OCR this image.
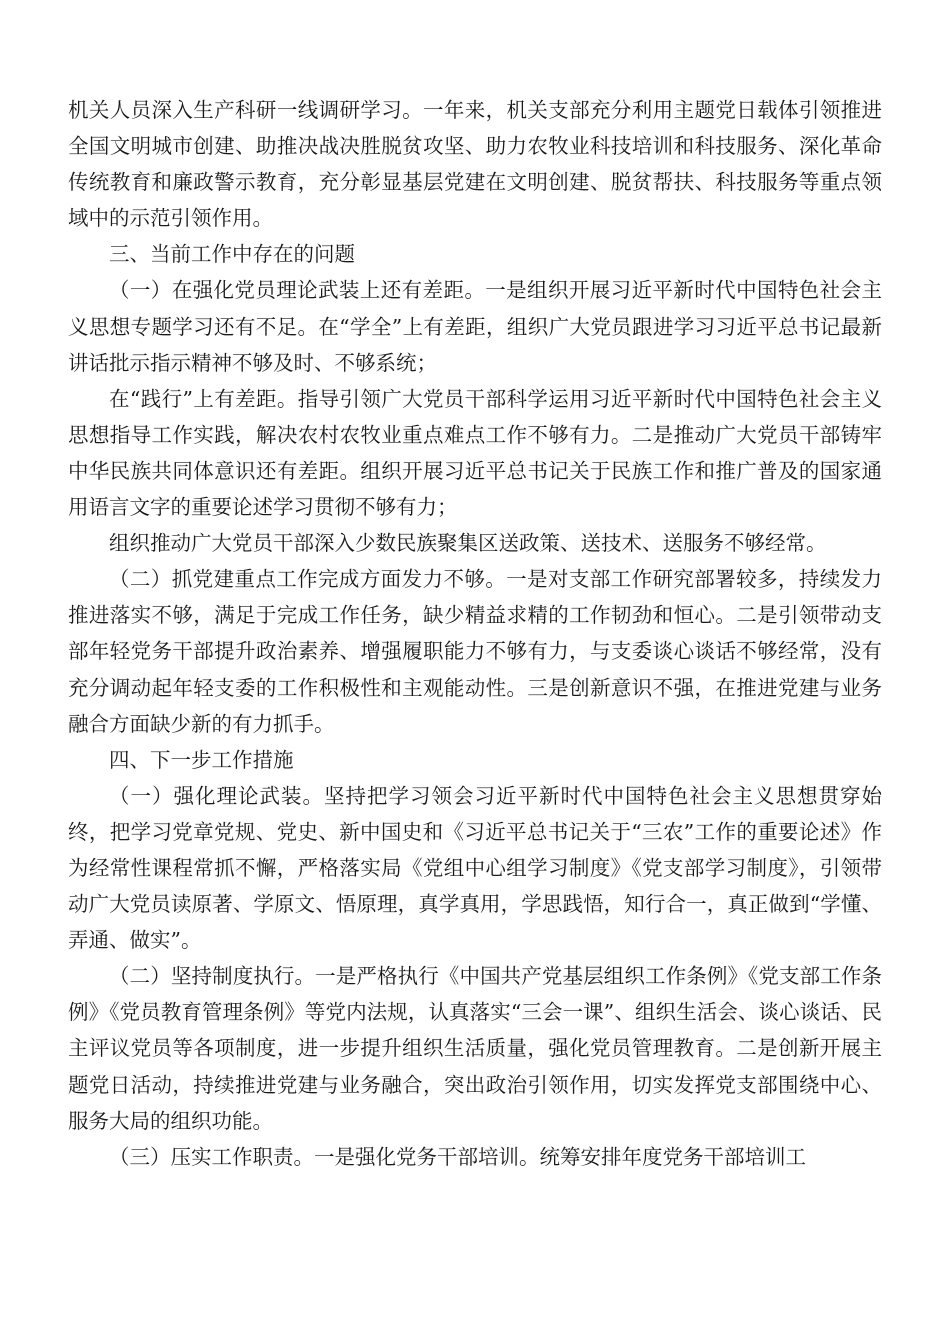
机关人员深入生产科研一线调研学习。一年来，机关支部充分利用主题党日载体引领推进全国文明城市创建、助推决战决胜脱贫攻坚、助力农牧业科技培训和科技服务、深化革命传统教育和廉政警示教育，充分彰显基层党建在文明创建、脱贫帮扶、科技服务等重点领域中的示范引领作用。

三、当前工作中存在的问题

（一）在强化党员理论武装上还有差距。一是组织开展习近平新时代中国特色社会主义思想专题学习还有不足。在“学全”上有差距，组织广大党员跟进学习习近平总书记最新讲话批示指示精神不够及时、不够系统；

在“践行”上有差距。指导引领广大党员干部科学运用习近平新时代中国特色社会主义思想指导工作实践，解决农村农牧业重点难点工作不够有力。二是推动广大党员干部铸牢中华民族共同体意识还有差距。组织开展习近平总书记关于民族工作和推广普及的国家通用语言文字的重要论述学习贯彻不够有力；

组织推动广大党员干部深入少数民族聚集区送政策、送技术、送服务不够经常。

（二）抓党建重点工作完成方面发力不够。一是对支部工作研究部署较多，持续发力推进落实不够，满足于完成工作任务，缺少精益求精的工作韧劲和恒心。二是引领带动支部年轻党务干部提升政治素养、增强履职能力不够有力，与支委谈心谈话不够经常，没有充分调动起年轻支委的工作积极性和主观能动性。三是创新意识不强，在推进党建与业务融合方面缺少新的有力抓手。

四、下一步工作措施

（一）强化理论武装。坚持把学习领会习近平新时代中国特色社会主义思想贯穿始终，把学习党章党规、党史、新中国史和《习近平总书记关于“三农”工作的重要论述》作为经常性课程常抓不懈，严格落实局《党组中心组学习制度》《党支部学习制度》，引领带动广大党员读原著、学原文、悟原理，真学真用，学思践悟，知行合一，真正做到“学懂、弄通、做实”。

（二）坚持制度执行。一是严格执行《中国共产党基层组织工作条例》《党支部工作条例》《党员教育管理条例》等党内法规，认真落实“三会一课”、组织生活会、谈心谈话、民主评议党员等各项制度，进一步提升组织生活质量，强化党员管理教育。二是创新开展主题党日活动，持续推进党建与业务融合，突出政治引领作用，切实发挥党支部围绕中心、服务大局的组织功能。

（三）压实工作职责。一是强化党务干部培训。统筹安排年度党务干部培训工
